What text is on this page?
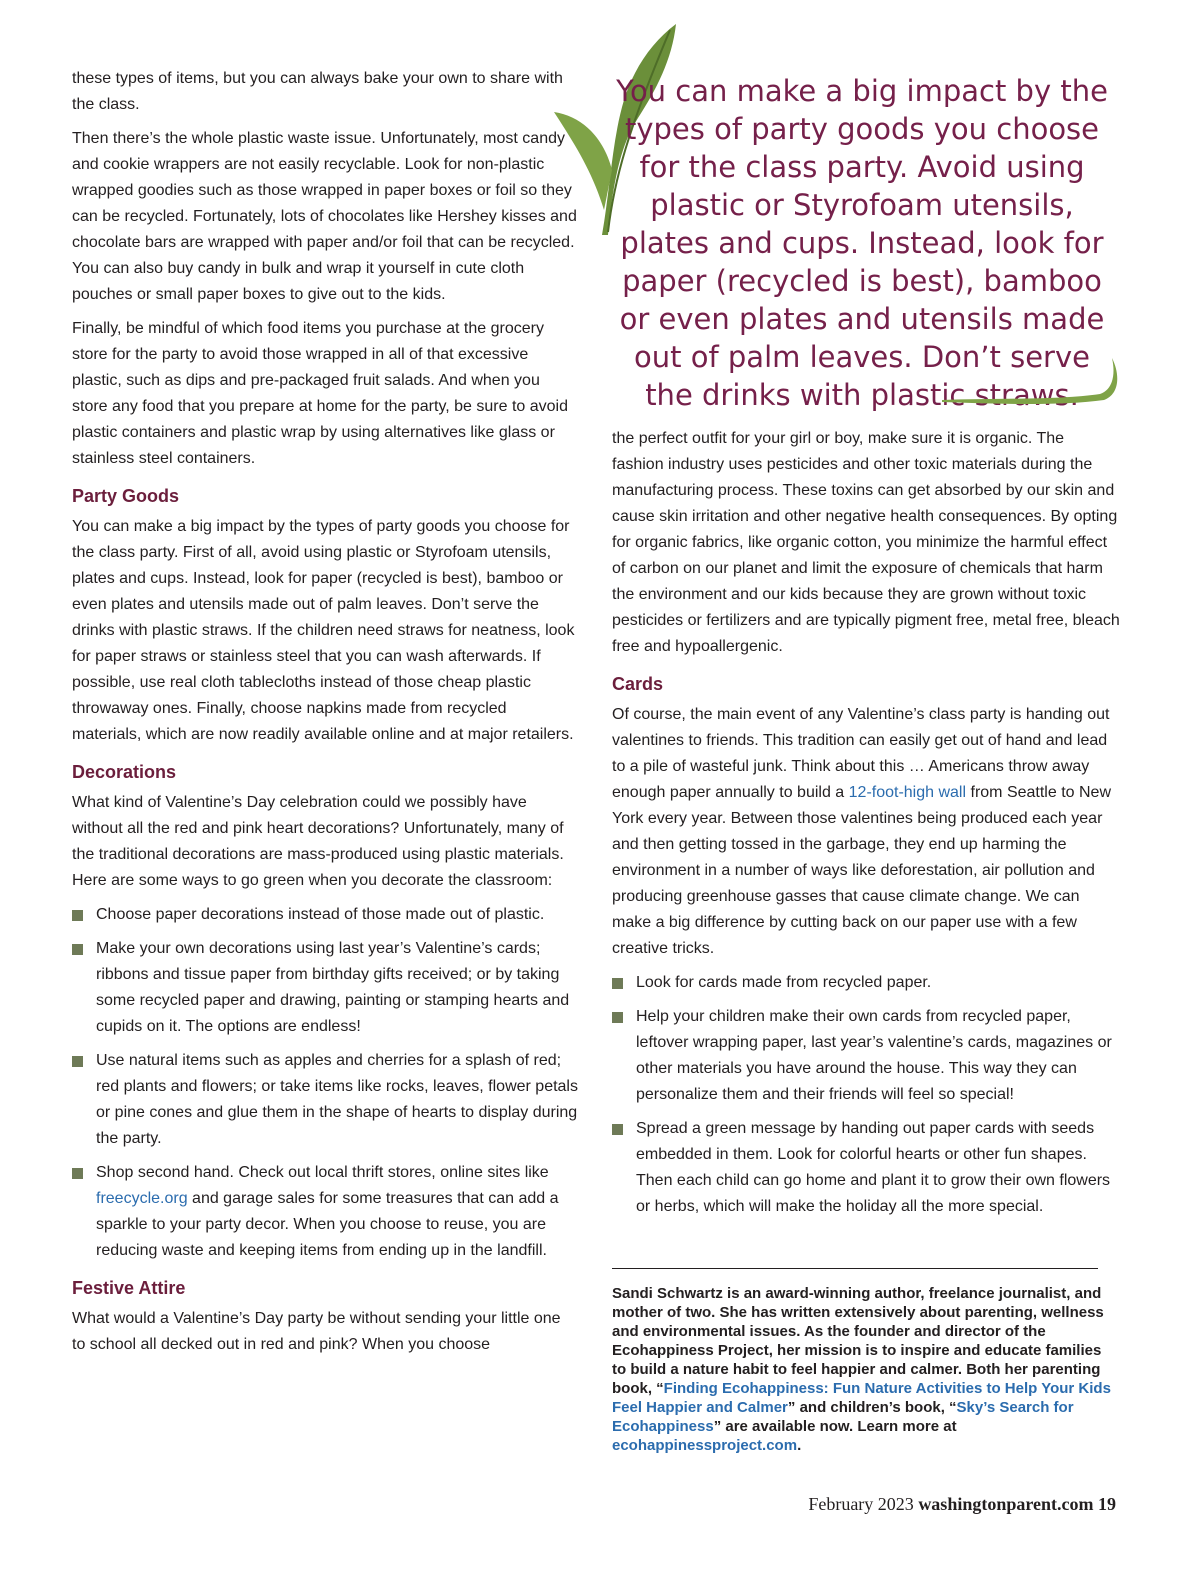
You can make a big impact by the types of party goods you choose for the class party. Avoid using plastic or Styrofoam utensils, plates and cups. Instead, look for paper (recycled is best), bamboo or even plates and utensils made out of palm leaves. Don’t serve the drinks with plastic straws.

these types of items, but you can always bake your own to share with the class.

Then there’s the whole plastic waste issue. Unfortunately, most candy and cookie wrappers are not easily recyclable. Look for non-plastic wrapped goodies such as those wrapped in paper boxes or foil so they can be recycled. Fortunately, lots of chocolates like Hershey kisses and chocolate bars are wrapped with paper and/or foil that can be recycled. You can also buy candy in bulk and wrap it yourself in cute cloth pouches or small paper boxes to give out to the kids.

Finally, be mindful of which food items you purchase at the grocery store for the party to avoid those wrapped in all of that excessive plastic, such as dips and pre-packaged fruit salads. And when you store any food that you prepare at home for the party, be sure to avoid plastic containers and plastic wrap by using alternatives like glass or stainless steel containers.

Party Goods

You can make a big impact by the types of party goods you choose for the class party. First of all, avoid using plastic or Styrofoam utensils, plates and cups. Instead, look for paper (recycled is best), bamboo or even plates and utensils made out of palm leaves. Don’t serve the drinks with plastic straws. If the children need straws for neatness, look for paper straws or stainless steel that you can wash afterwards. If possible, use real cloth tablecloths instead of those cheap plastic throwaway ones. Finally, choose napkins made from recycled materials, which are now readily available online and at major retailers.

Decorations

What kind of Valentine’s Day celebration could we possibly have without all the red and pink heart decorations? Unfortunately, many of the traditional decorations are mass-produced using plastic materials. Here are some ways to go green when you decorate the classroom:

Choose paper decorations instead of those made out of plastic.
Make your own decorations using last year’s Valentine’s cards; ribbons and tissue paper from birthday gifts received; or by taking some recycled paper and drawing, painting or stamping hearts and cupids on it. The options are endless!
Use natural items such as apples and cherries for a splash of red; red plants and flowers; or take items like rocks, leaves, flower petals or pine cones and glue them in the shape of hearts to display during the party.
Shop second hand. Check out local thrift stores, online sites like freecycle.org and garage sales for some treasures that can add a sparkle to your party decor. When you choose to reuse, you are reducing waste and keeping items from ending up in the landfill.
Festive Attire

What would a Valentine’s Day party be without sending your little one to school all decked out in red and pink? When you choose

the perfect outfit for your girl or boy, make sure it is organic. The fashion industry uses pesticides and other toxic materials during the manufacturing process. These toxins can get absorbed by our skin and cause skin irritation and other negative health consequences. By opting for organic fabrics, like organic cotton, you minimize the harmful effect of carbon on our planet and limit the exposure of chemicals that harm the environment and our kids because they are grown without toxic pesticides or fertilizers and are typically pigment free, metal free, bleach free and hypoallergenic.

Cards

Of course, the main event of any Valentine’s class party is handing out valentines to friends. This tradition can easily get out of hand and lead to a pile of wasteful junk. Think about this … Americans throw away enough paper annually to build a 12-foot-high wall from Seattle to New York every year. Between those valentines being produced each year and then getting tossed in the garbage, they end up harming the environment in a number of ways like deforestation, air pollution and producing greenhouse gasses that cause climate change. We can make a big difference by cutting back on our paper use with a few creative tricks.

Look for cards made from recycled paper.
Help your children make their own cards from recycled paper, leftover wrapping paper, last year’s valentine’s cards, magazines or other materials you have around the house. This way they can personalize them and their friends will feel so special!
Spread a green message by handing out paper cards with seeds embedded in them. Look for colorful hearts or other fun shapes. Then each child can go home and plant it to grow their own flowers or herbs, which will make the holiday all the more special.
Sandi Schwartz is an award-winning author, freelance journalist, and mother of two. She has written extensively about parenting, wellness and environmental issues. As the founder and director of the Ecohappiness Project, her mission is to inspire and educate families to build a nature habit to feel happier and calmer. Both her parenting book, “Finding Ecohappiness: Fun Nature Activities to Help Your Kids Feel Happier and Calmer” and children’s book, “Sky’s Search for Ecohappiness” are available now. Learn more at ecohappinessproject.com.
February 2023 washingtonparent.com 19
